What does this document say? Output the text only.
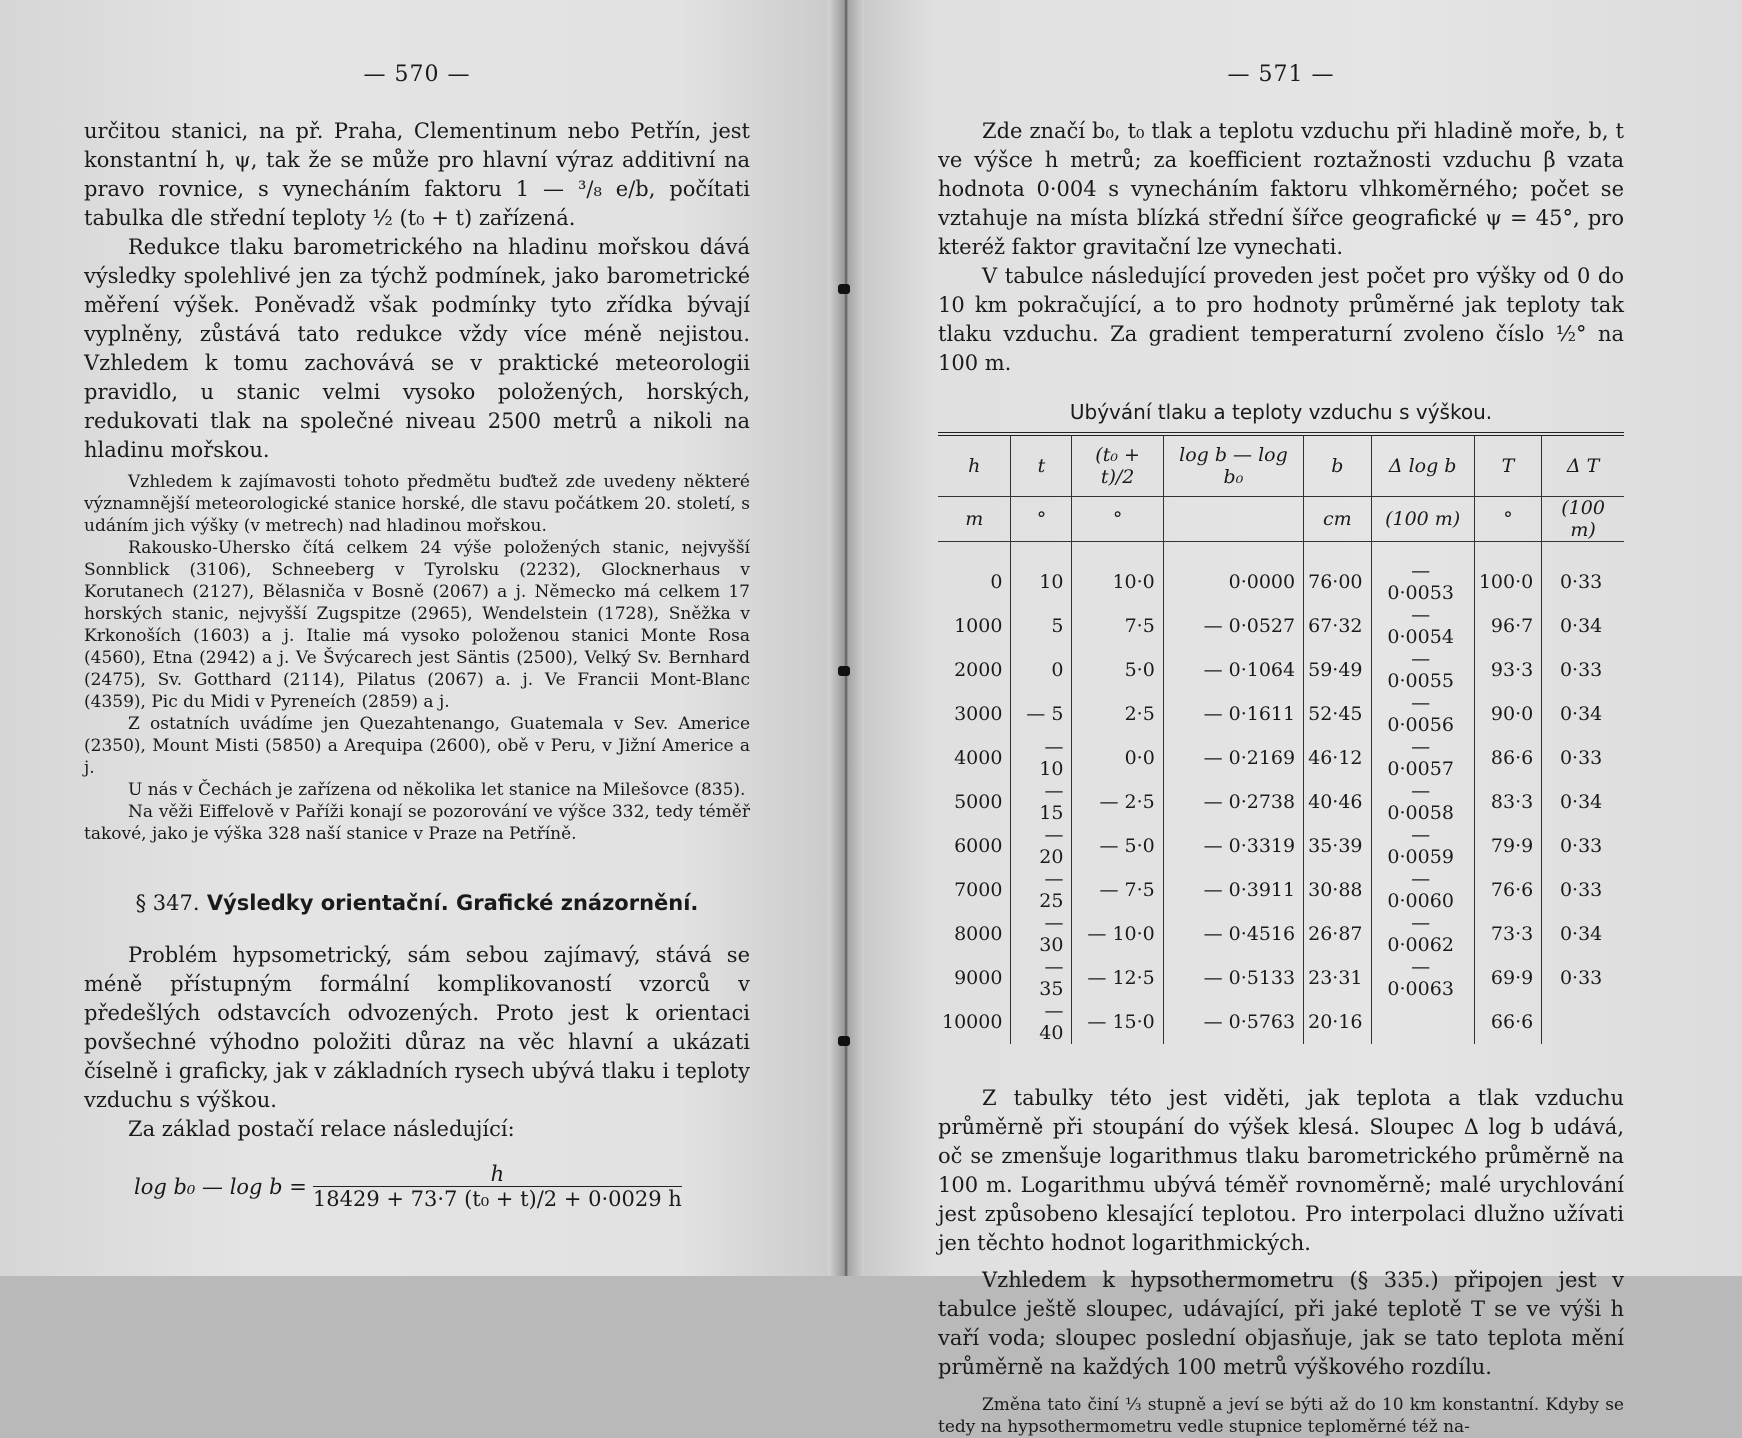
— 570 —

určitou stanici, na př. Praha, Clementinum nebo Petřín, jest konstantní h, ψ, tak že se může pro hlavní výraz additivní na pravo rovnice, s vynecháním faktoru 1 — ³/₈ e/b, počítati tabulka dle střední teploty ½ (t₀ + t) zařízená.

Redukce tlaku barometrického na hladinu mořskou dává výsledky spolehlivé jen za týchž podmínek, jako barometrické měření výšek. Poněvadž však podmínky tyto zřídka bývají vyplněny, zůstává tato redukce vždy více méně nejistou. Vzhledem k tomu zachovává se v praktické meteorologii pravidlo, u stanic velmi vysoko položených, horských, redukovati tlak na společné niveau 2500 metrů a nikoli na hladinu mořskou.

Vzhledem k zajímavosti tohoto předmětu buďtež zde uvedeny některé významnější meteorologické stanice horské, dle stavu počátkem 20. století, s udáním jich výšky (v metrech) nad hladinou mořskou.

Rakousko-Uhersko čítá celkem 24 výše položených stanic, nejvyšší Sonnblick (3106), Schneeberg v Tyrolsku (2232), Glocknerhaus v Korutanech (2127), Bělasniča v Bosně (2067) a j. Německo má celkem 17 horských stanic, nejvyšší Zugspitze (2965), Wendelstein (1728), Sněžka v Krkonoších (1603) a j. Italie má vysoko položenou stanici Monte Rosa (4560), Etna (2942) a j. Ve Švýcarech jest Säntis (2500), Velký Sv. Bernhard (2475), Sv. Gotthard (2114), Pilatus (2067) a. j. Ve Francii Mont-Blanc (4359), Pic du Midi v Pyreneích (2859) a j.

Z ostatních uvádíme jen Quezahtenango, Guatemala v Sev. Americe (2350), Mount Misti (5850) a Arequipa (2600), obě v Peru, v Jižní Americe a j.

U nás v Čechách je zařízena od několika let stanice na Milešovce (835).

Na věži Eiffelově v Paříži konají se pozorování ve výšce 332, tedy téměř takové, jako je výška 328 naší stanice v Praze na Petříně.

§ 347. Výsledky orientační. Grafické znázornění.

Problém hypsometrický, sám sebou zajímavý, stává se méně přístupným formální komplikovaností vzorců v předešlých odstavcích odvozených. Proto jest k orientaci povšechné výhodno položiti důraz na věc hlavní a ukázati číselně i graficky, jak v základních rysech ubývá tlaku i teploty vzduchu s výškou.

Za základ postačí relace následující:

log b₀ — $\log b = \frac{h}{\text{18429 + 73·7 (t₀ + t)/2 + 0·0029 h}}$
— 571 —

Zde značí b₀, t₀ tlak a teplotu vzduchu při hladině moře, b, t ve výšce h metrů; za koefficient roztažnosti vzduchu β vzata hodnota 0·004 s vynecháním faktoru vlhkoměrného; počet se vztahuje na místa blízká střední šířce geografické ψ = 45°, pro kteréž faktor gravitační lze vynechati.

V tabulce následující proveden jest počet pro výšky od 0 do 10 km pokračující, a to pro hodnoty průměrné jak teploty tak tlaku vzduchu. Za gradient temperaturní zvoleno číslo ½° na 100 m.

Ubývání tlaku a teploty vzduchu s výškou.
h	t	(t₀ + t)/2	log b — log b₀	b	Δ log b	T	Δ T
m	°	°		cm	(100 m)	°	(100 m)
0	10	10·0	0·0000	76·00	— 0·0053	100·0	0·33
1000	5	7·5	— 0·0527	67·32	— 0·0054	96·7	0·34
2000	0	5·0	— 0·1064	59·49	— 0·0055	93·3	0·33
3000	— 5	2·5	— 0·1611	52·45	— 0·0056	90·0	0·34
4000	— 10	0·0	— 0·2169	46·12	— 0·0057	86·6	0·33
5000	— 15	— 2·5	— 0·2738	40·46	— 0·0058	83·3	0·34
6000	— 20	— 5·0	— 0·3319	35·39	— 0·0059	79·9	0·33
7000	— 25	— 7·5	— 0·3911	30·88	— 0·0060	76·6	0·33
8000	— 30	— 10·0	— 0·4516	26·87	— 0·0062	73·3	0·34
9000	— 35	— 12·5	— 0·5133	23·31	— 0·0063	69·9	0·33
10000	— 40	— 15·0	— 0·5763	20·16		66·6	

Z tabulky této jest viděti, jak teplota a tlak vzduchu průměrně při stoupání do výšek klesá. Sloupec Δ log b udává, oč se zmenšuje logarithmus tlaku barometrického průměrně na 100 m. Logarithmu ubývá téměř rovnoměrně; malé urychlování jest způsobeno klesající teplotou. Pro interpolaci dlužno užívati jen těchto hodnot logarithmických.

Vzhledem k hypsothermometru (§ 335.) připojen jest v tabulce ještě sloupec, udávající, při jaké teplotě T se ve výši h vaří voda; sloupec poslední objasňuje, jak se tato teplota mění průměrně na každých 100 metrů výškového rozdílu.

Změna tato činí ⅓ stupně a jeví se býti až do 10 km konstantní. Kdyby se tedy na hypsothermometru vedle stupnice teploměrné též na-
